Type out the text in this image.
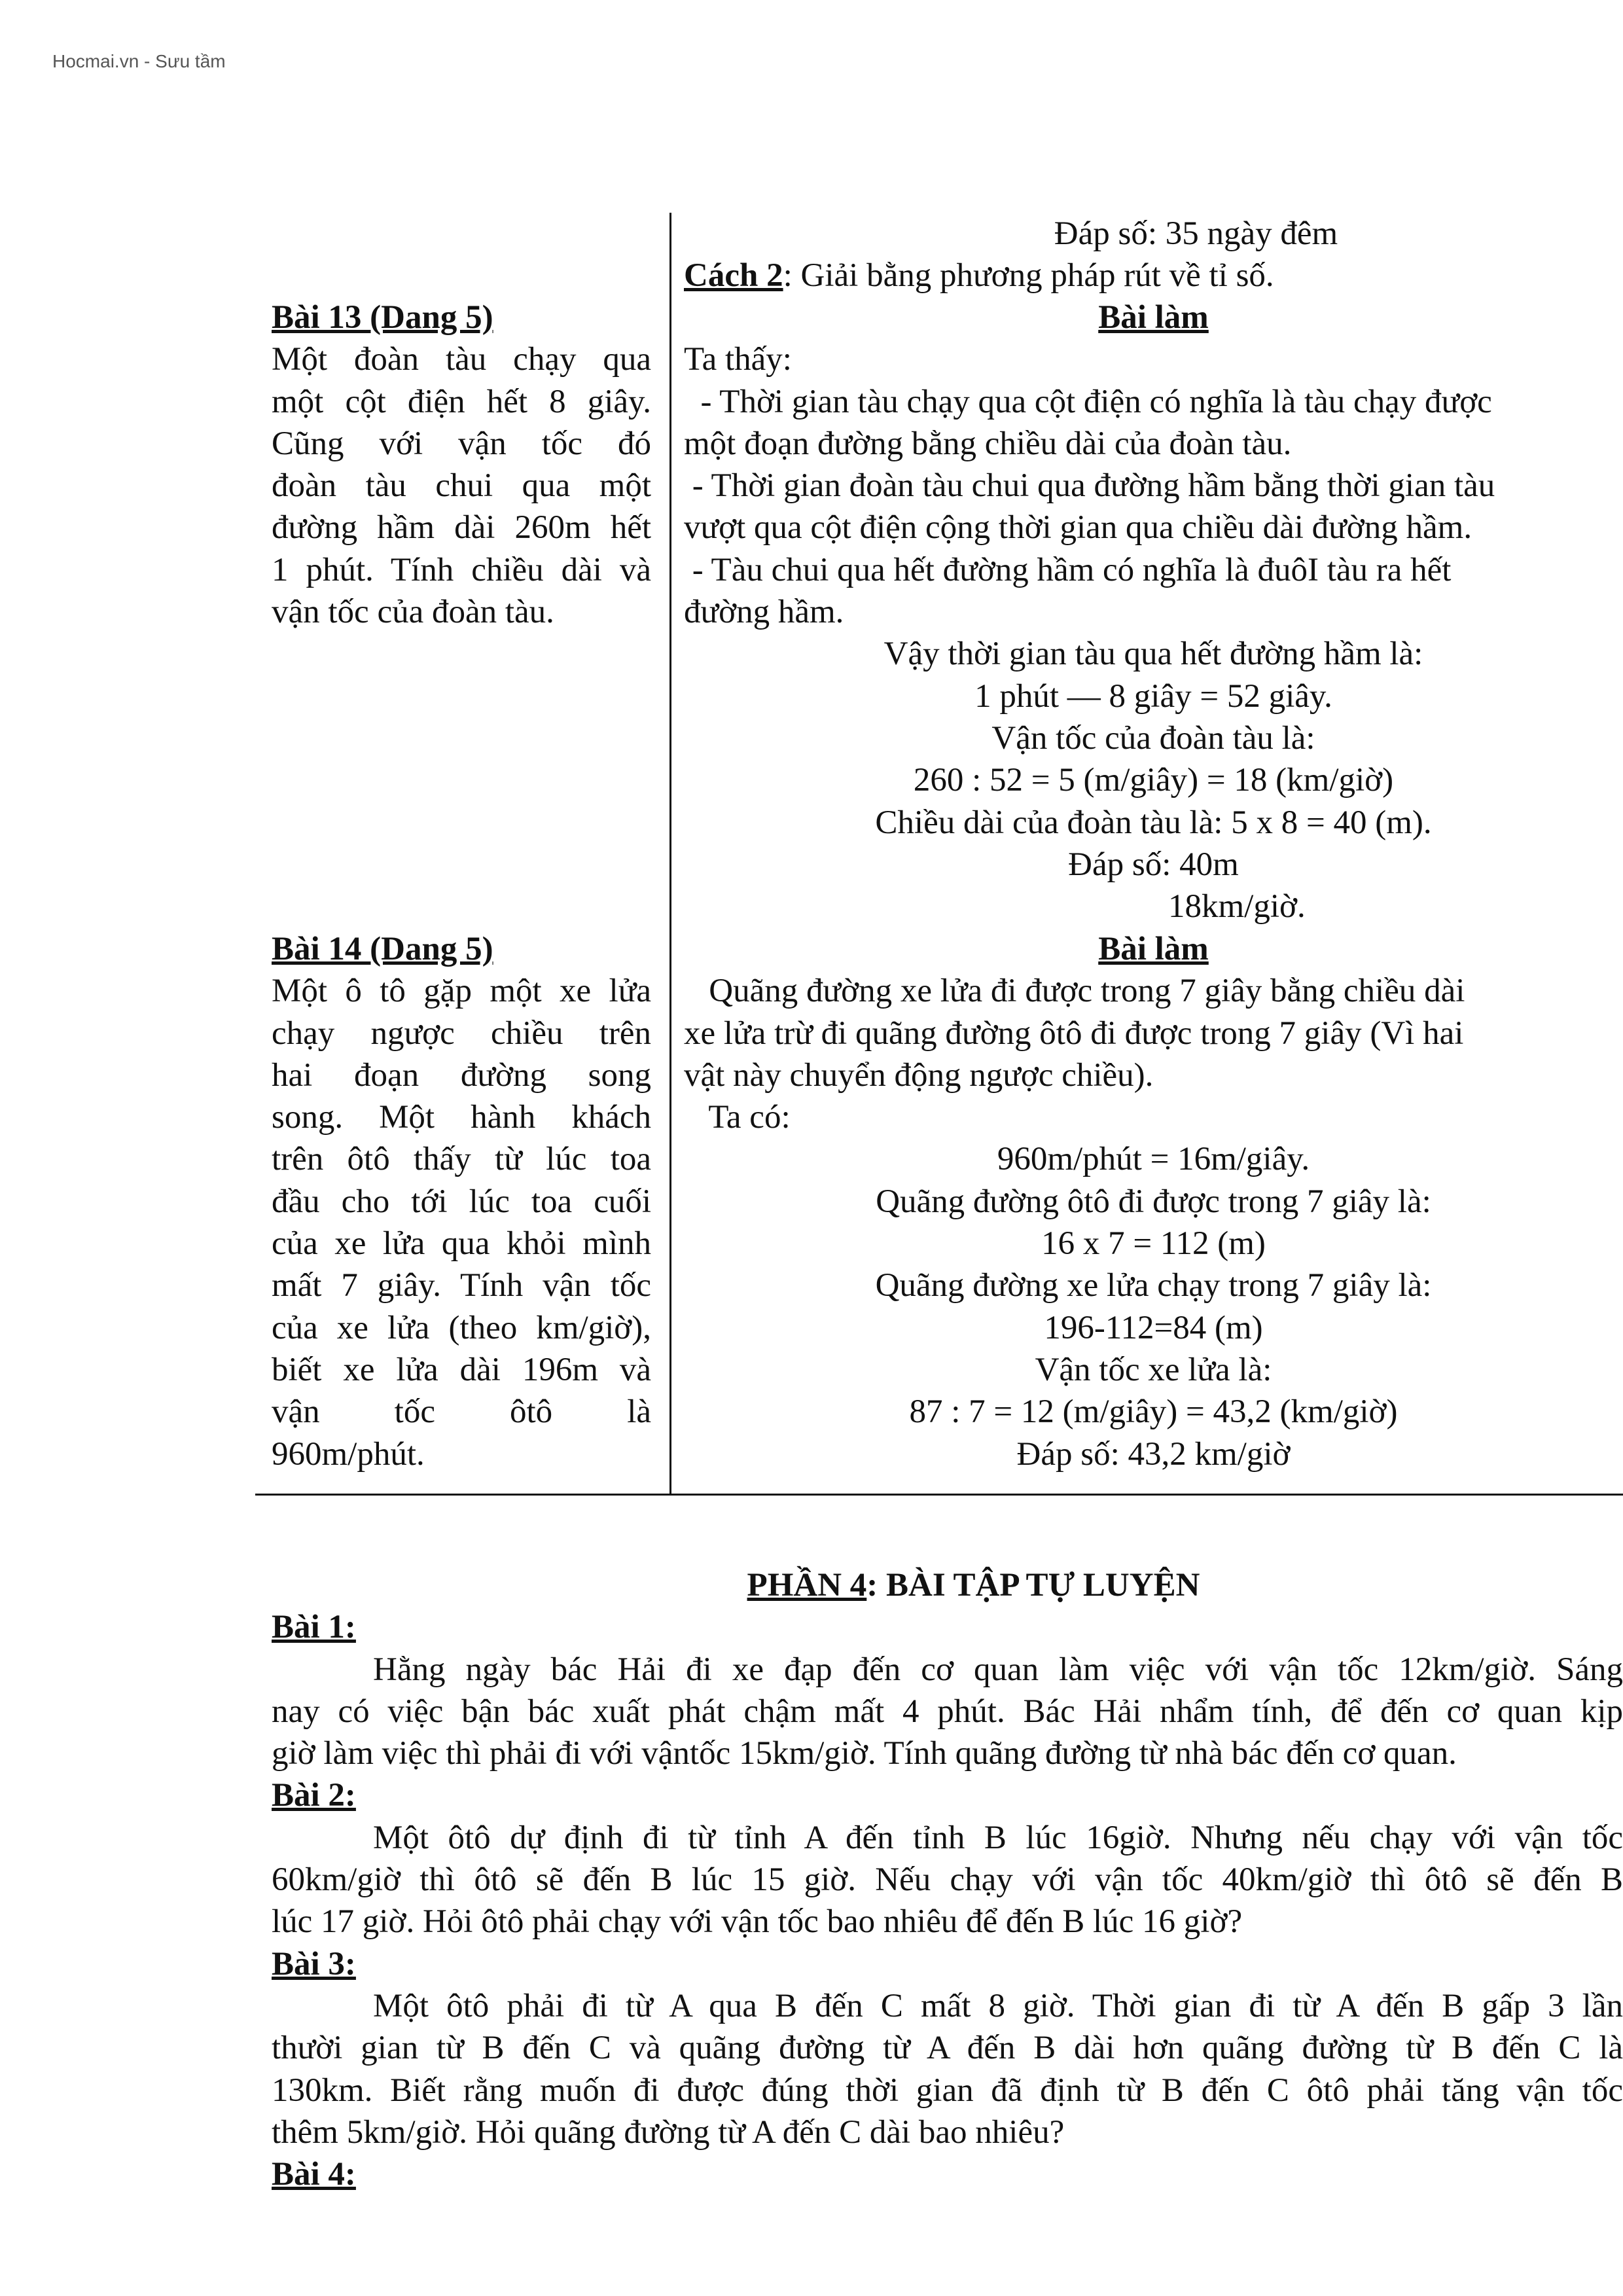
Hocmai.vn - Sưu tầm
Đáp số: 35 ngày đêm
Cách 2: Giải bằng phương pháp rút về tỉ số.
Bài 13 (Dang 5)
Một đoàn tàu chạy qua
một cột điện hết 8 giây.
Cũng với vận tốc đó
đoàn tàu chui qua một
đường hầm dài 260m hết
1 phút. Tính chiều dài và
vận tốc của đoàn tàu.
Bài làm
Ta thấy:
- Thời gian tàu chạy qua cột điện có nghĩa là tàu chạy được
một đoạn đường bằng chiều dài của đoàn tàu.
- Thời gian đoàn tàu chui qua đường hầm bằng thời gian tàu
vượt qua cột điện cộng thời gian qua chiều dài đường hầm.
- Tàu chui qua hết đường hầm có nghĩa là đuôI tàu ra hết
đường hầm.
Vậy thời gian tàu qua hết đường hầm là:
1 phút — 8 giây = 52 giây.
Vận tốc của đoàn tàu là:
260 : 52 = 5 (m/giây) = 18 (km/giờ)
Chiều dài của đoàn tàu là: 5 x 8 = 40 (m).
Đáp số: 40m
18km/giờ.
Bài 14 (Dang 5)
Một ô tô gặp một xe lửa
chạy ngược chiều trên
hai đoạn đường song
song. Một hành khách
trên ôtô thấy từ lúc toa
đầu cho tới lúc toa cuối
của xe lửa qua khỏi mình
mất 7 giây. Tính vận tốc
của xe lửa (theo km/giờ),
biết xe lửa dài 196m và
vận tốc ôtô là
960m/phút.
Bài làm
Quãng đường xe lửa đi được trong 7 giây bằng chiều dài
xe lửa trừ đi quãng đường ôtô đi được trong 7 giây (Vì hai
vật này chuyển động ngược chiều).
Ta có:
960m/phút = 16m/giây.
Quãng đường ôtô đi được trong 7 giây là:
16 x 7 = 112 (m)
Quãng đường xe lửa chạy trong 7 giây là:
196-112=84 (m)
Vận tốc xe lửa là:
87 : 7 = 12 (m/giây) = 43,2 (km/giờ)
Đáp số: 43,2 km/giờ
PHẦN 4: BÀI TẬP TỰ LUYỆN
Bài 1:
Hằng ngày bác Hải đi xe đạp đến cơ quan làm việc với vận tốc 12km/giờ. Sáng
nay có việc bận bác xuất phát chậm mất 4 phút. Bác Hải nhẩm tính, để đến cơ quan kịp
giờ làm việc thì phải đi với vậntốc 15km/giờ. Tính quãng đường từ nhà bác đến cơ quan.
Bài 2:
Một ôtô dự định đi từ tỉnh A đến tỉnh B lúc 16giờ. Nhưng nếu chạy với vận tốc
60km/giờ thì ôtô sẽ đến B lúc 15 giờ. Nếu chạy với vận tốc 40km/giờ thì ôtô sẽ đến B
lúc 17 giờ. Hỏi ôtô phải chạy với vận tốc bao nhiêu để đến B lúc 16 giờ?
Bài 3:
Một ôtô phải đi từ A qua B đến C mất 8 giờ. Thời gian đi từ A đến B gấp 3 lần
thười gian từ B đến C và quãng đường từ A đến B dài hơn quãng đường từ B đến C là
130km. Biết rằng muốn đi được đúng thời gian đã định từ B đến C ôtô phải tăng vận tốc
thêm 5km/giờ. Hỏi quãng đường từ A đến C dài bao nhiêu?
Bài 4:
